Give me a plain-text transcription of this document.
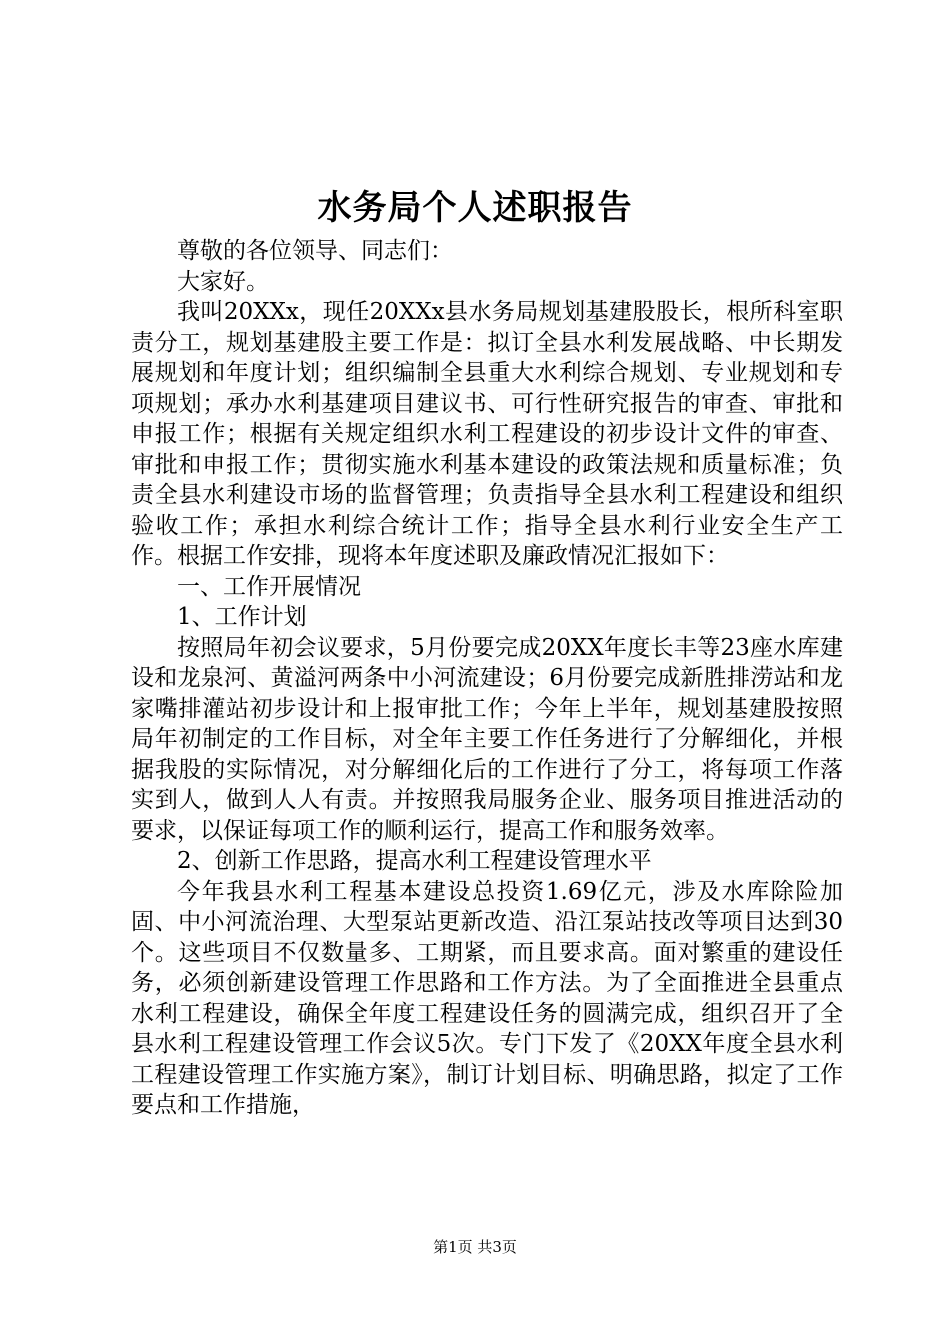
水务局个人述职报告

尊敬的各位领导、同志们：

大家好。

我叫20XXx，现任20XXx县水务局规划基建股股长，根所科室职责分工，规划基建股主要工作是：拟订全县水利发展战略、中长期发展规划和年度计划；组织编制全县重大水利综合规划、专业规划和专项规划；承办水利基建项目建议书、可行性研究报告的审查、审批和申报工作；根据有关规定组织水利工程建设的初步设计文件的审查、审批和申报工作；贯彻实施水利基本建设的政策法规和质量标准；负责全县水利建设市场的监督管理；负责指导全县水利工程建设和组织验收工作；承担水利综合统计工作；指导全县水利行业安全生产工作。根据工作安排，现将本年度述职及廉政情况汇报如下：

一、工作开展情况

1、工作计划

按照局年初会议要求，5月份要完成20XX年度长丰等23座水库建设和龙泉河、黄溢河两条中小河流建设；6月份要完成新胜排涝站和龙家嘴排灌站初步设计和上报审批工作；今年上半年，规划基建股按照局年初制定的工作目标，对全年主要工作任务进行了分解细化，并根据我股的实际情况，对分解细化后的工作进行了分工，将每项工作落实到人，做到人人有责。并按照我局服务企业、服务项目推进活动的要求，以保证每项工作的顺利运行，提高工作和服务效率。

2、创新工作思路，提高水利工程建设管理水平

今年我县水利工程基本建设总投资1.69亿元，涉及水库除险加固、中小河流治理、大型泵站更新改造、沿江泵站技改等项目达到30个。这些项目不仅数量多、工期紧，而且要求高。面对繁重的建设任务，必须创新建设管理工作思路和工作方法。为了全面推进全县重点水利工程建设，确保全年度工程建设任务的圆满完成，组织召开了全县水利工程建设管理工作会议5次。专门下发了《20XX年度全县水利工程建设管理工作实施方案》，制订计划目标、明确思路，拟定了工作要点和工作措施，

第1页 共3页
